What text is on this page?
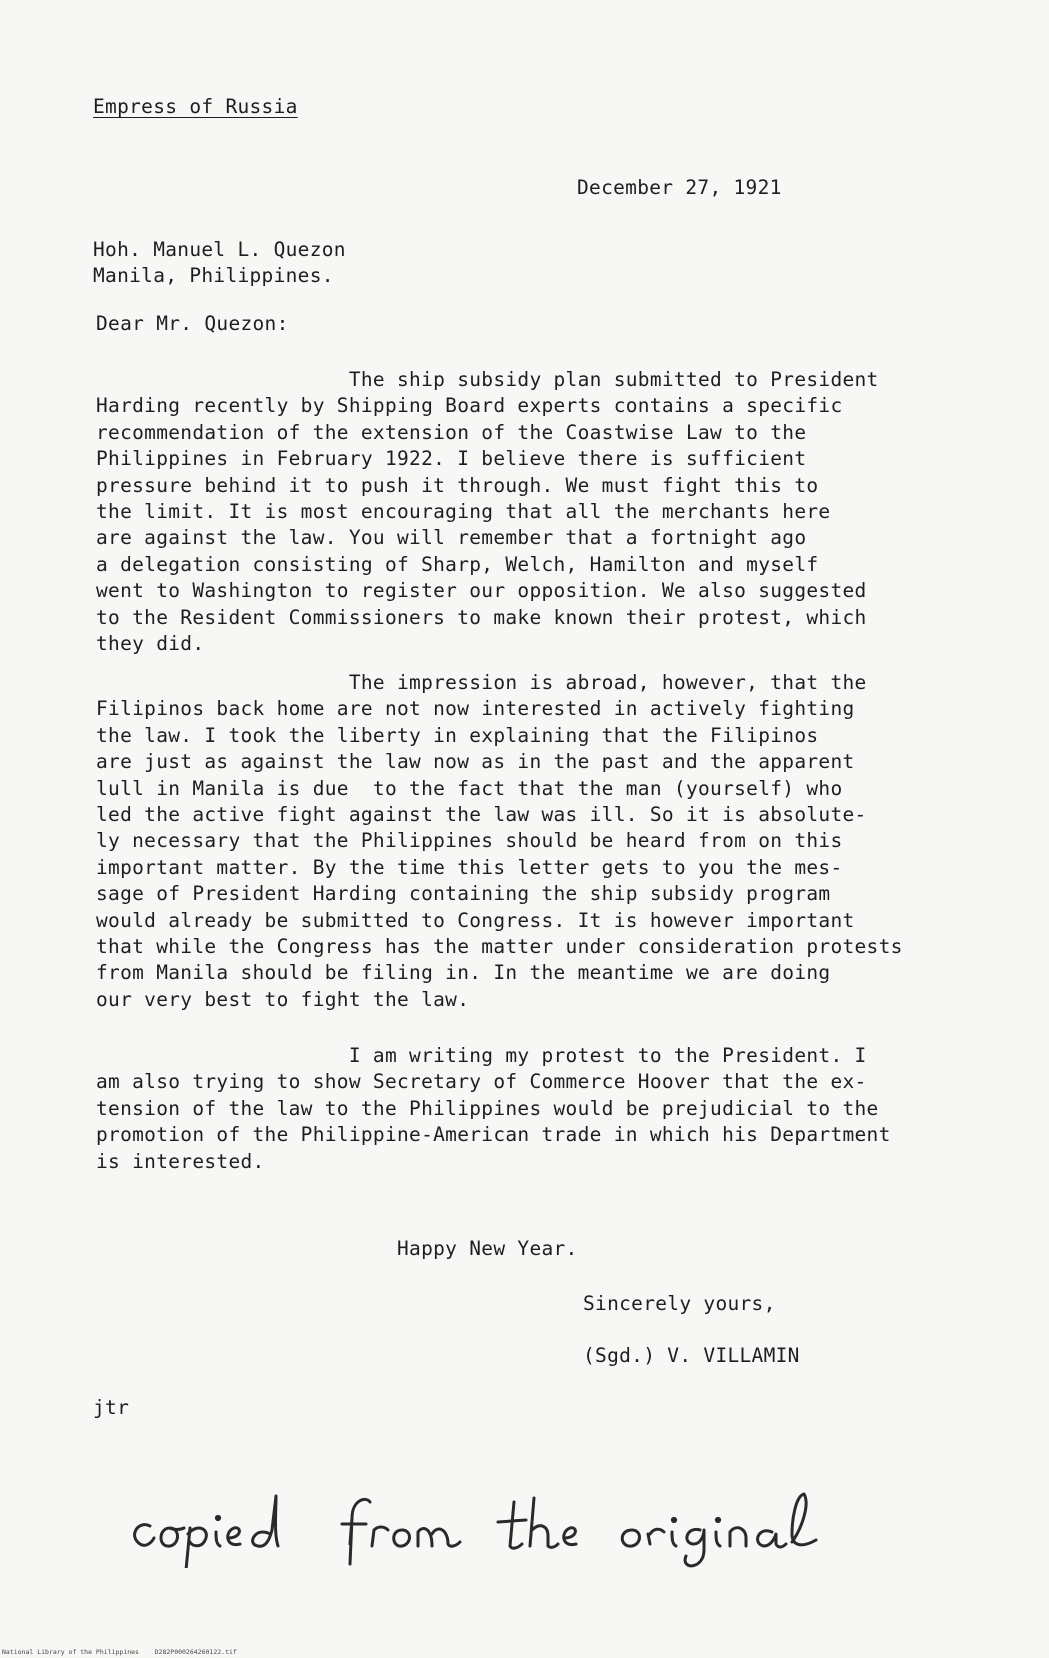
Empress of Russia
December 27, 1921
Hoh. Manuel L. Quezon
Manila, Philippines.
Dear Mr. Quezon:
The ship subsidy plan submitted to President
Harding recently by Shipping Board experts contains a specific
recommendation of the extension of the Coastwise Law to the
Philippines in February 1922. I believe there is sufficient
pressure behind it to push it through. We must fight this to
the limit. It is most encouraging that all the merchants here
are against the law. You will remember that a fortnight ago
a delegation consisting of Sharp, Welch, Hamilton and myself
went to Washington to register our opposition. We also suggested
to the Resident Commissioners to make known their protest, which
they did.
The impression is abroad, however, that the
Filipinos back home are not now interested in actively fighting
the law. I took the liberty in explaining that the Filipinos
are just as against the law now as in the past and the apparent
lull in Manila is due  to the fact that the man (yourself) who
led the active fight against the law was ill. So it is absolute-
ly necessary that the Philippines should be heard from on this
important matter. By the time this letter gets to you the mes-
sage of President Harding containing the ship subsidy program
would already be submitted to Congress. It is however important
that while the Congress has the matter under consideration protests
from Manila should be filing in. In the meantime we are doing
our very best to fight the law.
I am writing my protest to the President. I
am also trying to show Secretary of Commerce Hoover that the ex-
tension of the law to the Philippines would be prejudicial to the
promotion of the Philippine-American trade in which his Department
is interested.
Happy New Year.
Sincerely yours,
(Sgd.) V. VILLAMIN
jtr
National Library of the Philippines D282P000264260122.tif
